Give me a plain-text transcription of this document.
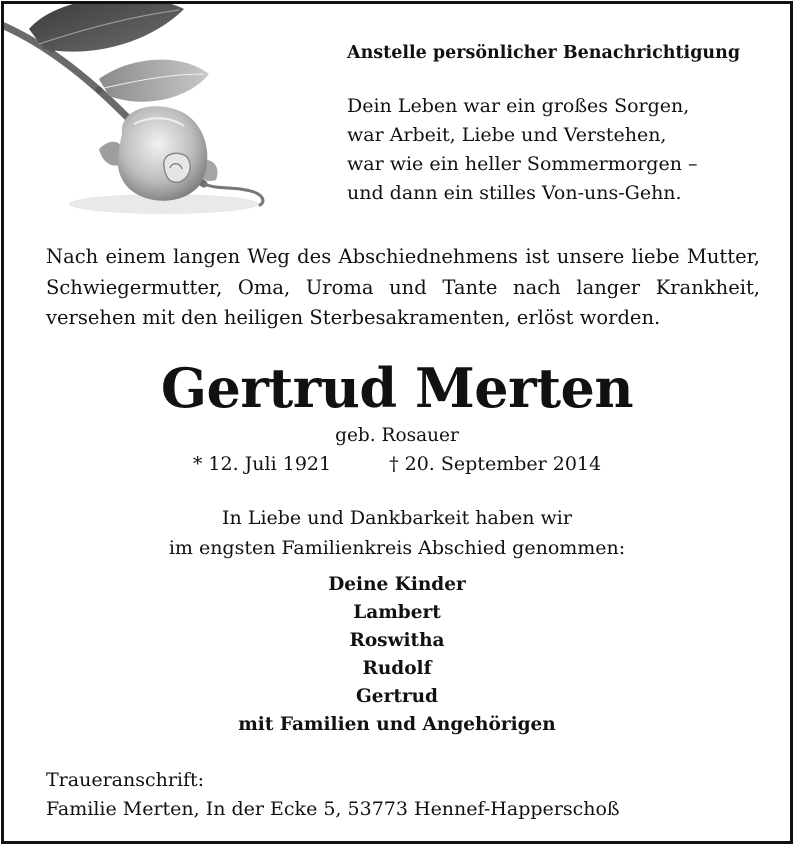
Anstelle persönlicher Benachrichtigung
Dein Leben war ein großes Sorgen,
war Arbeit, Liebe und Verstehen,
war wie ein heller Sommermorgen –
und dann ein stilles Von-uns-Gehn.
Nach einem langen Weg des Abschiednehmens ist unsere liebe Mutter, Schwiegermutter, Oma, Uroma und Tante nach langer Krankheit, versehen mit den heiligen Sterbesakramenten, erlöst worden.
Gertrud Merten
geb. Rosauer
* 12. Juli 1921	† 20. September 2014
In Liebe und Dankbarkeit haben wir
im engsten Familienkreis Abschied genommen:
Deine Kinder
Lambert
Roswitha
Rudolf
Gertrud
mit Familien und Angehörigen
Traueranschrift:
Familie Merten, In der Ecke 5, 53773 Hennef-Happerschoß
